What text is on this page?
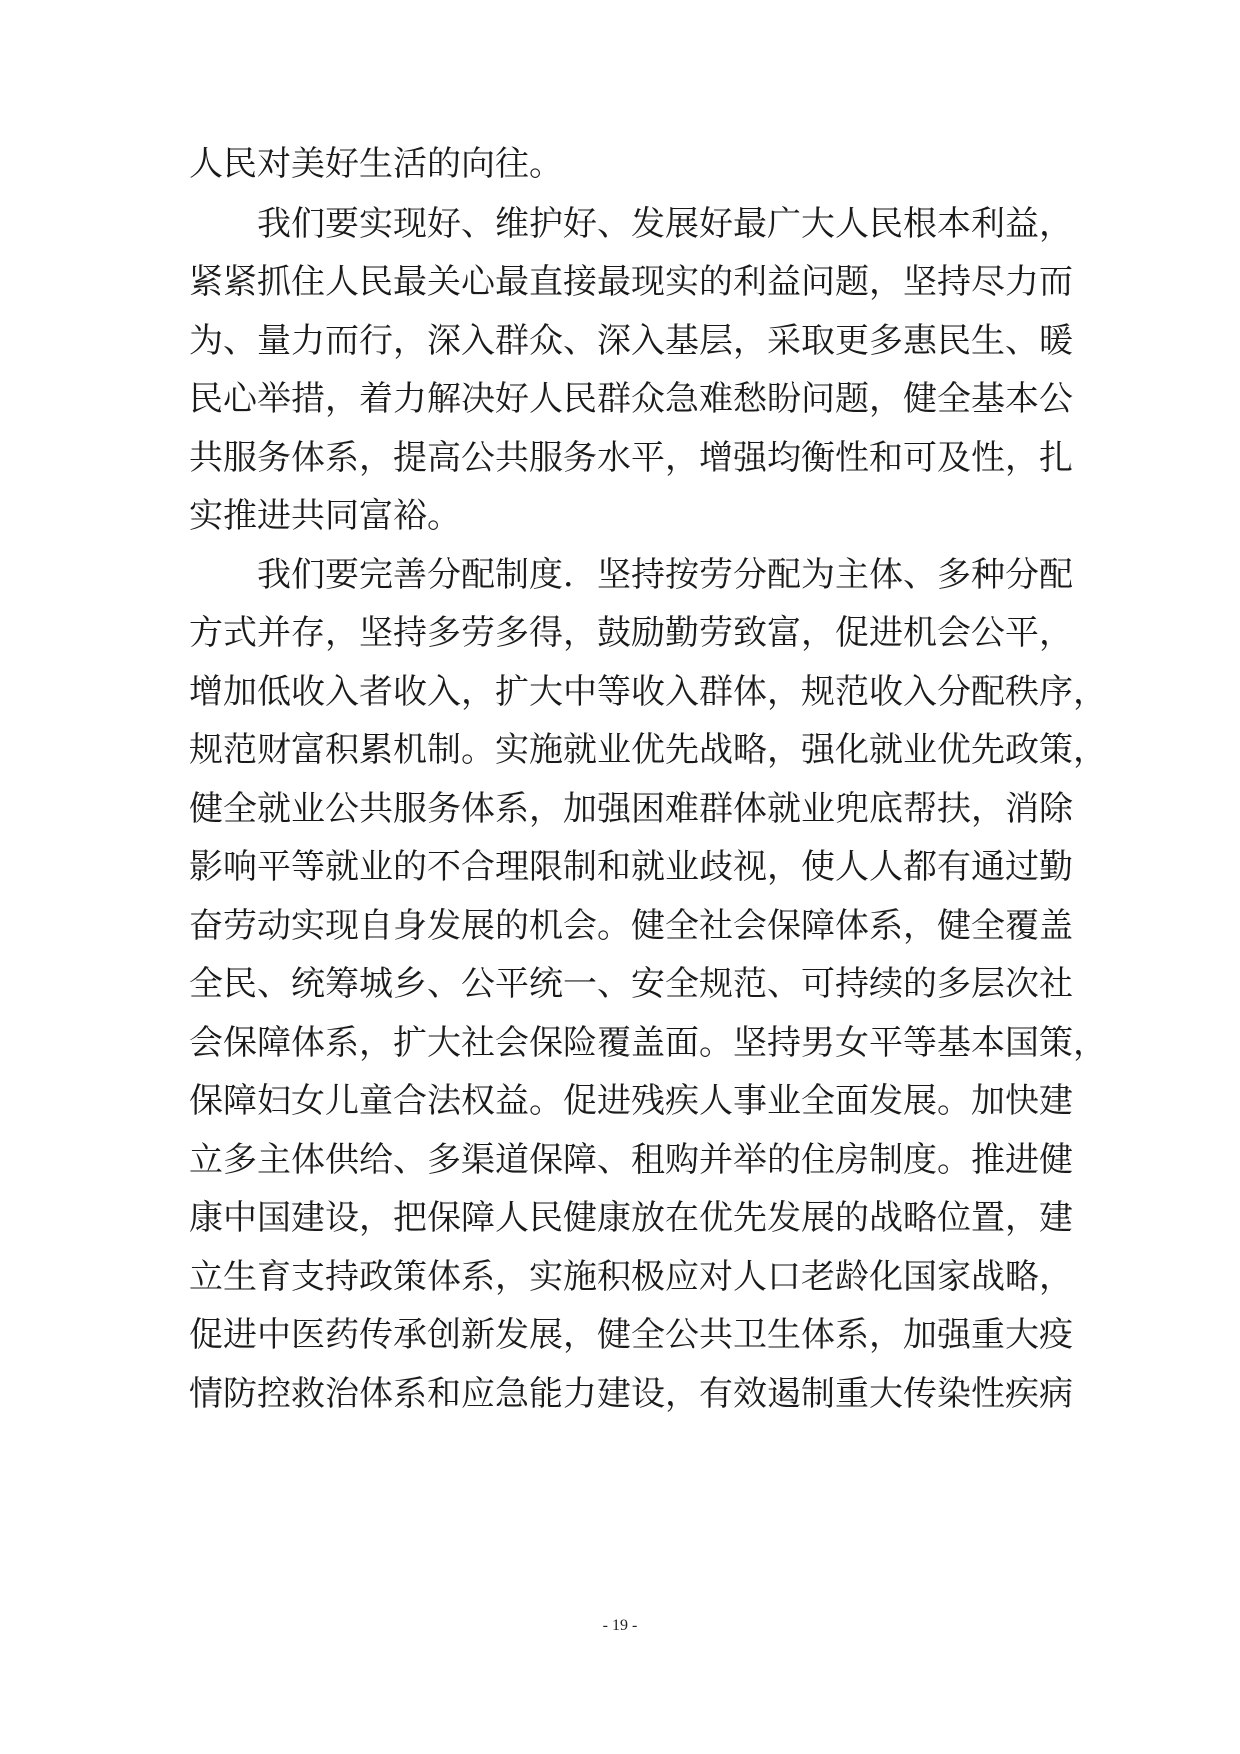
人民对美好生活的向往。
　　我们要实现好、维护好、发展好最广大人民根本利益，
紧紧抓住人民最关心最直接最现实的利益问题，坚持尽力而
为、量力而行，深入群众、深入基层，采取更多惠民生、暖
民心举措，着力解决好人民群众急难愁盼问题，健全基本公
共服务体系，提高公共服务水平，增强均衡性和可及性，扎
实推进共同富裕。
　　我们要完善分配制度．坚持按劳分配为主体、多种分配
方式并存，坚持多劳多得，鼓励勤劳致富，促进机会公平，
增加低收入者收入，扩大中等收入群体，规范收入分配秩序，
规范财富积累机制。实施就业优先战略，强化就业优先政策，
健全就业公共服务体系，加强困难群体就业兜底帮扶，消除
影响平等就业的不合理限制和就业歧视，使人人都有通过勤
奋劳动实现自身发展的机会。健全社会保障体系，健全覆盖
全民、统筹城乡、公平统一、安全规范、可持续的多层次社
会保障体系，扩大社会保险覆盖面。坚持男女平等基本国策，
保障妇女儿童合法权益。促进残疾人事业全面发展。加快建
立多主体供给、多渠道保障、租购并举的住房制度。推进健
康中国建设，把保障人民健康放在优先发展的战略位置，建
立生育支持政策体系，实施积极应对人口老龄化国家战略，
促进中医药传承创新发展，健全公共卫生体系，加强重大疫
情防控救治体系和应急能力建设，有效遏制重大传染性疾病
- 19 -
